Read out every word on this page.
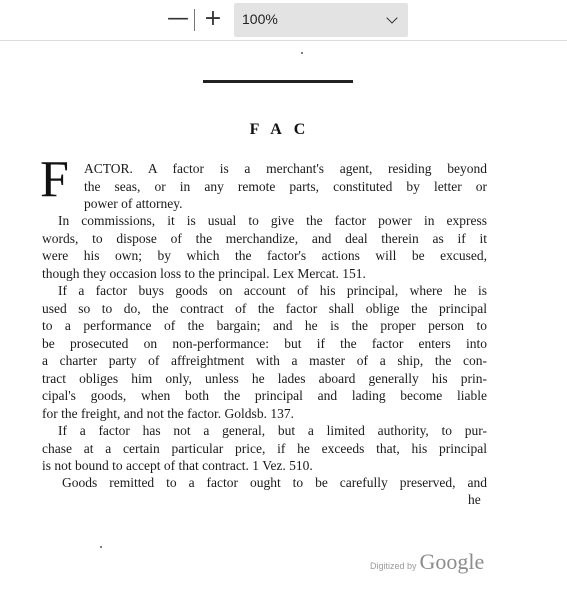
— +	100%
FAC
F ACTOR. A factor is a merchant's agent, residing beyond
the seas, or in any remote parts, constituted by letter or
power of attorney.
In commissions, it is usual to give the factor power in express
words, to dispose of the merchandize, and deal therein as if it
were his own; by which the factor's actions will be excused,
though they occasion loss to the principal. Lex Mercat. 151.
If a factor buys goods on account of his principal, where he is
used so to do, the contract of the factor shall oblige the principal
to a performance of the bargain; and he is the proper person to
be prosecuted on non-performance: but if the factor enters into
a charter party of affreightment with a master of a ship, the con-
tract obliges him only, unless he lades aboard generally his prin-
cipal's goods, when both the principal and lading become liable
for the freight, and not the factor. Goldsb. 137.
If a factor has not a general, but a limited authority, to pur-
chase at a certain particular price, if he exceeds that, his principal
is not bound to accept of that contract. 1 Vez. 510.
Goods remitted to a factor ought to be carefully preserved, and
he
Digitized by Google
